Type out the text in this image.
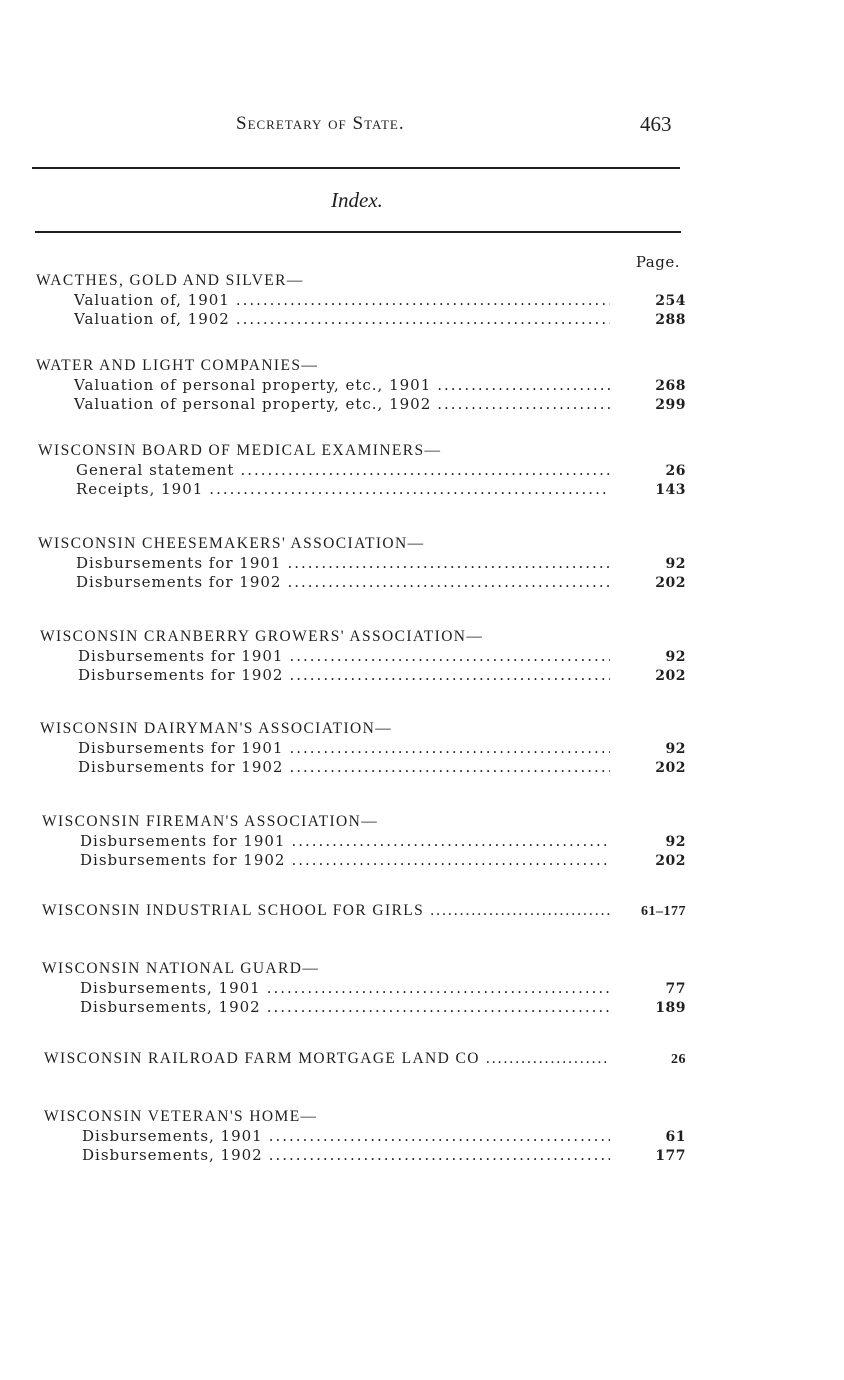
Secretary of State.	463
Index.
Page.
WACTHES, GOLD AND SILVER—
Valuation of, 1901 .....	254
Valuation of, 1902 .....	288
WATER AND LIGHT COMPANIES—
Valuation of personal property, etc., 1901 .....	268
Valuation of personal property, etc., 1902 .....	299
WISCONSIN BOARD OF MEDICAL EXAMINERS—
General statement .....	26
Receipts, 1901 .....	143
WISCONSIN CHEESEMAKERS' ASSOCIATION—
Disbursements for 1901 .....	92
Disbursements for 1902 .....	202
WISCONSIN CRANBERRY GROWERS' ASSOCIATION—
Disbursements for 1901 .....	92
Disbursements for 1902 .....	202
WISCONSIN DAIRYMAN'S ASSOCIATION—
Disbursements for 1901 .....	92
Disbursements for 1902 .....	202
WISCONSIN FIREMAN'S ASSOCIATION—
Disbursements for 1901 .....	92
Disbursements for 1902 .....	202
WISCONSIN INDUSTRIAL SCHOOL FOR GIRLS .....	61–177
WISCONSIN NATIONAL GUARD—
Disbursements, 1901 .....	77
Disbursements, 1902 .....	189
WISCONSIN RAILROAD FARM MORTGAGE LAND CO .....	26
WISCONSIN VETERAN'S HOME—
Disbursements, 1901 .....	61
Disbursements, 1902 .....	177
